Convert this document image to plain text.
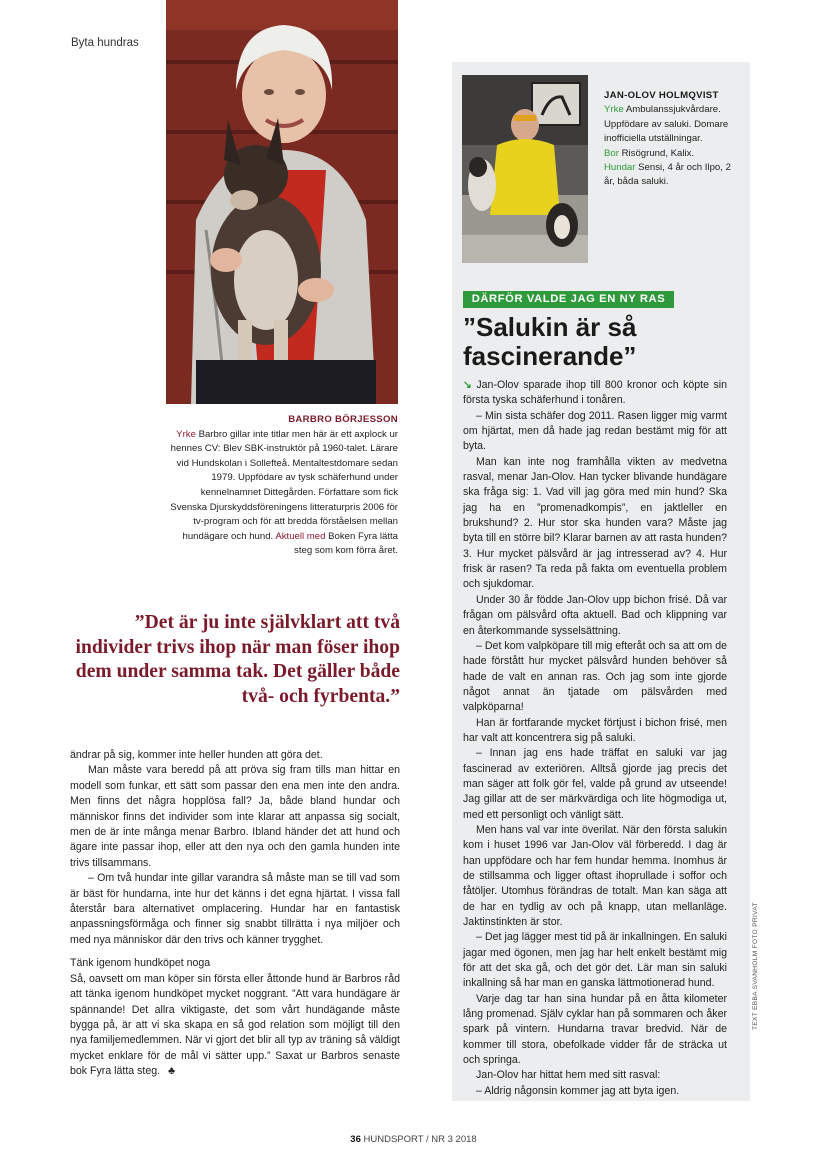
Byta hundras
BARBRO BÖRJESSON
Yrke Barbro gillar inte titlar men här är ett axplock ur hennes CV: Blev SBK-instruktör på 1960-talet. Lärare vid Hundskolan i Sollefteå. Mentaltestdomare sedan 1979. Uppfödare av tysk schäferhund under kennelnamnet Dittegården. Författare som fick Svenska Djurskyddsföreningens litteraturpris 2006 för tv-program och för att bredda förståelsen mellan hundägare och hund. Aktuell med Boken Fyra lätta steg som kom förra året.
”Det är ju inte självklart att två individer trivs ihop när man föser ihop dem under samma tak. Det gäller både två- och fyrbenta.”

ändrar på sig, kommer inte heller hunden att göra det.

Man måste vara beredd på att pröva sig fram tills man hittar en modell som funkar, ett sätt som passar den ena men inte den andra. Men finns det några hopplösa fall? Ja, både bland hundar och människor finns det individer som inte klarar att anpassa sig socialt, men de är inte många menar Barbro. Ibland händer det att hund och ägare inte passar ihop, eller att den nya och den gamla hunden inte trivs tillsammans.

– Om två hundar inte gillar varandra så måste man se till vad som är bäst för hundarna, inte hur det känns i det egna hjärtat. I vissa fall återstår bara alternativet omplacering. Hundar har en fantastisk anpassningsförmåga och finner sig snabbt tillrätta i nya miljöer och med nya människor där den trivs och känner trygghet.

Tänk igenom hundköpet noga

Så, oavsett om man köper sin första eller åttonde hund är Barbros råd att tänka igenom hundköpet mycket noggrant. ”Att vara hundägare är spännande! Det allra viktigaste, det som vårt hundägande måste bygga på, är att vi ska skapa en så god relation som möjligt till den nya familjemedlemmen. När vi gjort det blir all typ av träning så väldigt mycket enklare för de mål vi sätter upp.” Saxat ur Barbros senaste bok Fyra lätta steg. ♣

JAN-OLOV HOLMQVIST
Yrke Ambulanssjukvårdare. Uppfödare av saluki. Domare inofficiella utställningar.
Bor Risögrund, Kalix.
Hundar Sensi, 4 år och Ilpo, 2 år, båda saluki.
DÄRFÖR VALDE JAG EN NY RAS
”Salukin är så fascinerande”

↘ Jan-Olov sparade ihop till 800 kronor och köpte sin första tyska schäferhund i tonåren.

– Min sista schäfer dog 2011. Rasen ligger mig varmt om hjärtat, men då hade jag redan bestämt mig för att byta.

Man kan inte nog framhålla vikten av medvetna rasval, menar Jan-Olov. Han tycker blivande hundägare ska fråga sig: 1. Vad vill jag göra med min hund? Ska jag ha en ”promenadkompis”, en jaktleller en brukshund? 2. Hur stor ska hunden vara? Måste jag byta till en större bil? Klarar barnen av att rasta hunden? 3. Hur mycket pälsvård är jag intresserad av? 4. Hur frisk är rasen? Ta reda på fakta om eventuella problem och sjukdomar.

Under 30 år födde Jan-Olov upp bichon frisé. Då var frågan om pälsvård ofta aktuell. Bad och klippning var en återkommande sysselsättning.

– Det kom valpköpare till mig efteråt och sa att om de hade förstått hur mycket pälsvård hunden behöver så hade de valt en annan ras. Och jag som inte gjorde något annat än tjatade om pälsvården med valpköparna!

Han är fortfarande mycket förtjust i bichon frisé, men har valt att koncentrera sig på saluki.

– Innan jag ens hade träffat en saluki var jag fascinerad av exteriören. Alltså gjorde jag precis det man säger att folk gör fel, valde på grund av utseende! Jag gillar att de ser märkvärdiga och lite högmodiga ut, med ett personligt och vänligt sätt.

Men hans val var inte överilat. När den första salukin kom i huset 1996 var Jan-Olov väl förberedd. I dag är han uppfödare och har fem hundar hemma. Inomhus är de stillsamma och ligger oftast ihoprullade i soffor och fåtöljer. Utomhus förändras de totalt. Man kan säga att de har en tydlig av och på knapp, utan mellanläge. Jaktinstinkten är stor.

– Det jag lägger mest tid på är inkallningen. En saluki jagar med ögonen, men jag har helt enkelt bestämt mig för att det ska gå, och det gör det. Lär man sin saluki inkallning så har man en ganska lättmotionerad hund.

Varje dag tar han sina hundar på en åtta kilometer lång promenad. Själv cyklar han på sommaren och åker spark på vintern. Hundarna travar bredvid. När de kommer till stora, obefolkade vidder får de sträcka ut och springa.

Jan-Olov har hittat hem med sitt rasval:

– Aldrig någonsin kommer jag att byta igen.

TEXT EBBA SVANHOLM FOTO PRIVAT
36 HUNDSPORT / NR 3 2018
